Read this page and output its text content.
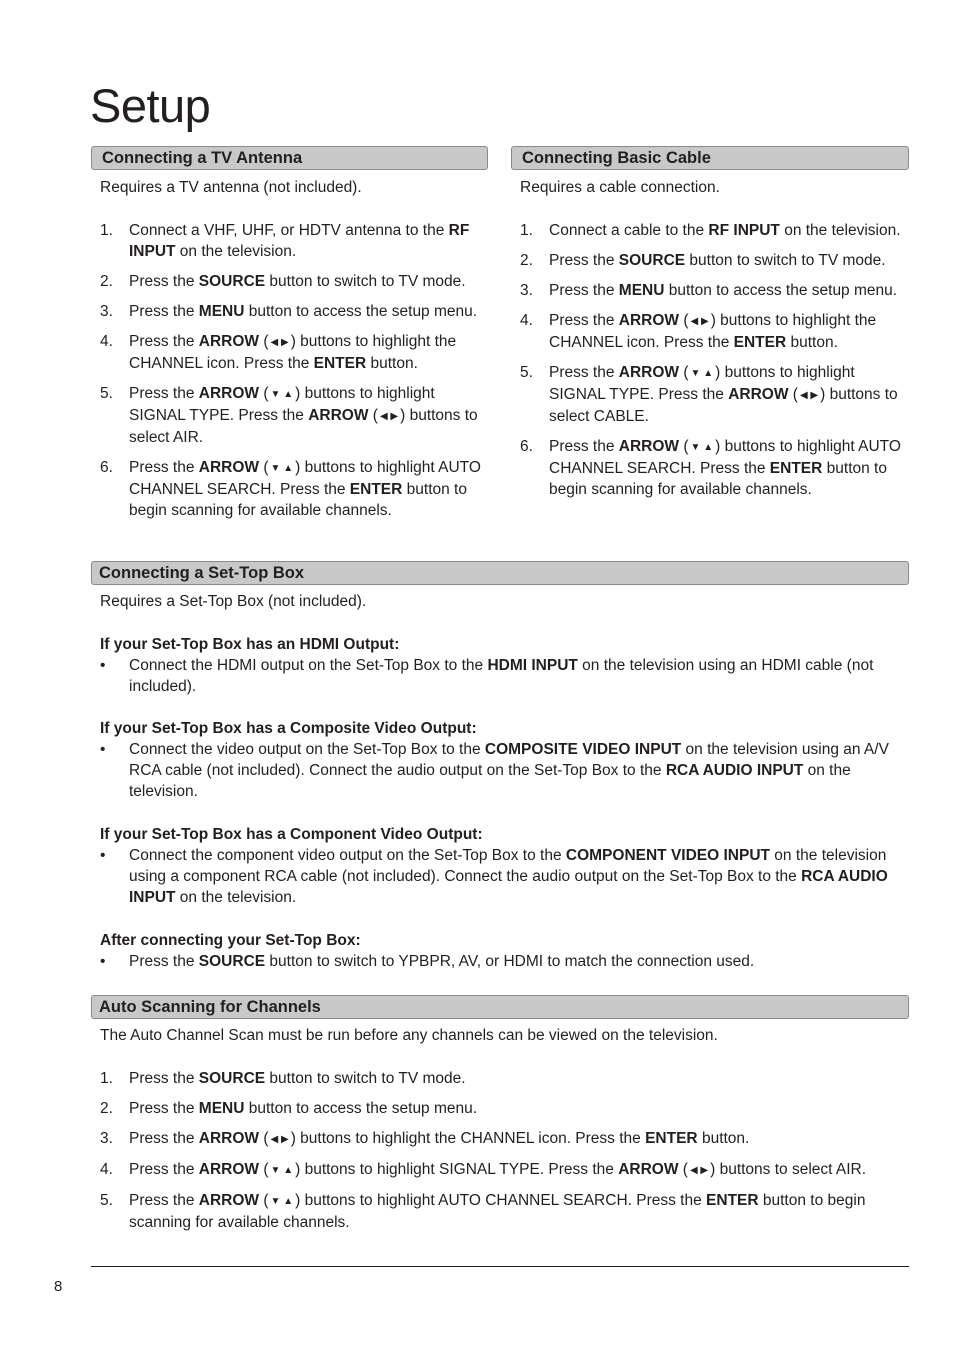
Setup
Connecting a TV Antenna

Requires a TV antenna (not included).

1. Connect a VHF, UHF, or HDTV antenna to the RF INPUT on the television.
2. Press the SOURCE button to switch to TV mode.
3. Press the MENU button to access the setup menu.
4. Press the ARROW ( ◀ ▶ ) buttons to highlight the CHANNEL icon. Press the ENTER button.
5. Press the ARROW ( ▼ ▲ ) buttons to highlight SIGNAL TYPE. Press the ARROW ( ◀ ▶ ) buttons to select AIR.
6. Press the ARROW ( ▼ ▲ ) buttons to highlight AUTO CHANNEL SEARCH. Press the ENTER button to begin scanning for available channels.
Connecting Basic Cable

Requires a cable connection.

1. Connect a cable to the RF INPUT on the television.
2. Press the SOURCE button to switch to TV mode.
3. Press the MENU button to access the setup menu.
4. Press the ARROW ( ◀ ▶ ) buttons to highlight the CHANNEL icon. Press the ENTER button.
5. Press the ARROW ( ▼ ▲ ) buttons to highlight SIGNAL TYPE. Press the ARROW ( ◀ ▶ ) buttons to select CABLE.
6. Press the ARROW ( ▼ ▲ ) buttons to highlight AUTO CHANNEL SEARCH. Press the ENTER button to begin scanning for available channels.
Connecting a Set-Top Box

Requires a Set-Top Box (not included).

If your Set-Top Box has an HDMI Output:

• Connect the HDMI output on the Set-Top Box to the HDMI INPUT on the television using an HDMI cable (not included).

If your Set-Top Box has a Composite Video Output:

• Connect the video output on the Set-Top Box to the COMPOSITE VIDEO INPUT on the television using an A/V RCA cable (not included). Connect the audio output on the Set-Top Box to the RCA AUDIO INPUT on the television.

If your Set-Top Box has a Component Video Output:

• Connect the component video output on the Set-Top Box to the COMPONENT VIDEO INPUT on the television using a component RCA cable (not included). Connect the audio output on the Set-Top Box to the RCA AUDIO INPUT on the television.

After connecting your Set-Top Box:

• Press the SOURCE button to switch to YPBPR, AV, or HDMI to match the connection used.
Auto Scanning for Channels

The Auto Channel Scan must be run before any channels can be viewed on the television.

1. Press the SOURCE button to switch to TV mode.
2. Press the MENU button to access the setup menu.
3. Press the ARROW ( ◀ ▶ ) buttons to highlight the CHANNEL icon. Press the ENTER button.
4. Press the ARROW ( ▼ ▲ ) buttons to highlight SIGNAL TYPE. Press the ARROW ( ◀ ▶ ) buttons to select AIR.
5. Press the ARROW ( ▼ ▲ ) buttons to highlight AUTO CHANNEL SEARCH. Press the ENTER button to begin scanning for available channels.
8
